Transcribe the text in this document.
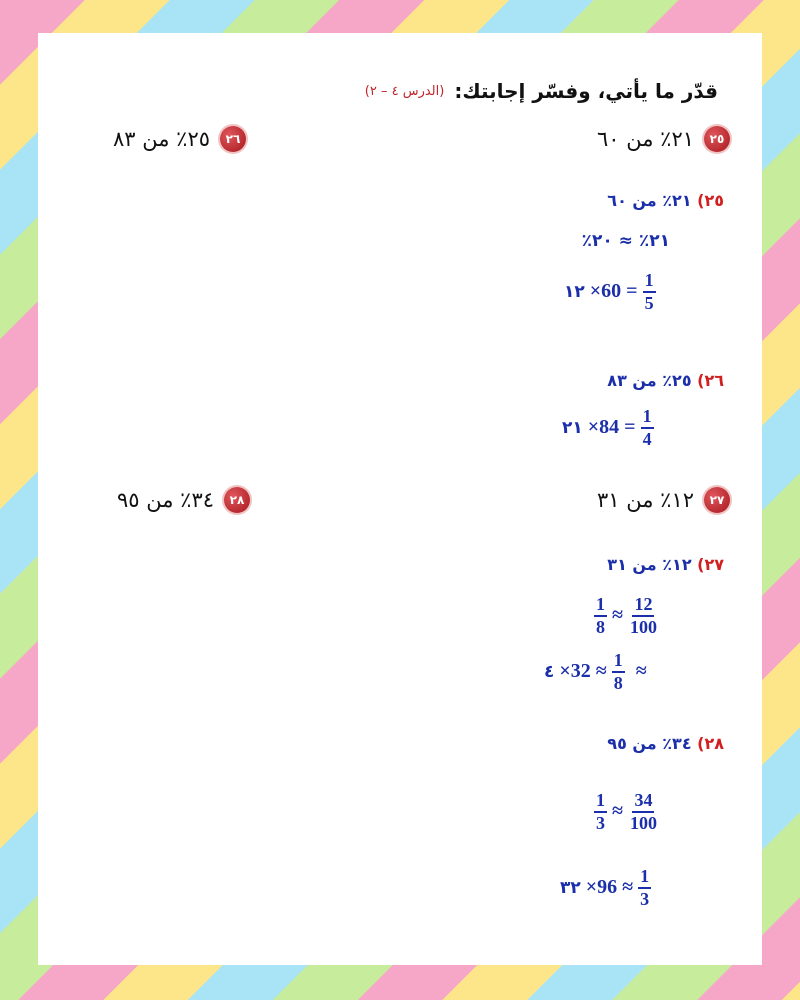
قدّر ما يأتي، وفسّر إجابتك:
(الدرس ٤ – ٢)
٢٥
٢١٪ من ٦٠
٢٦
٢٥٪ من ٨٣
٢٥) ٢١٪ من ٦٠
٢١٪ ≈ ٢٠٪
١٢ $\times 60 = \frac{1}{5}$
٢٦) ٢٥٪ من ٨٣
٢١ $\times 84 = \frac{1}{4}$
٢٧
١٢٪ من ٣١
٢٨
٣٤٪ من ٩٥
٢٧) ١٢٪ من ٣١
$\frac{1}{8} \approx \frac{12}{100}$
٤ $\times 32 \approx \frac{1}{8}$ ≈
٢٨) ٣٤٪ من ٩٥
$\frac{1}{3} \approx \frac{34}{100}$
٣٢ $\times 96 \approx \frac{1}{3}$
